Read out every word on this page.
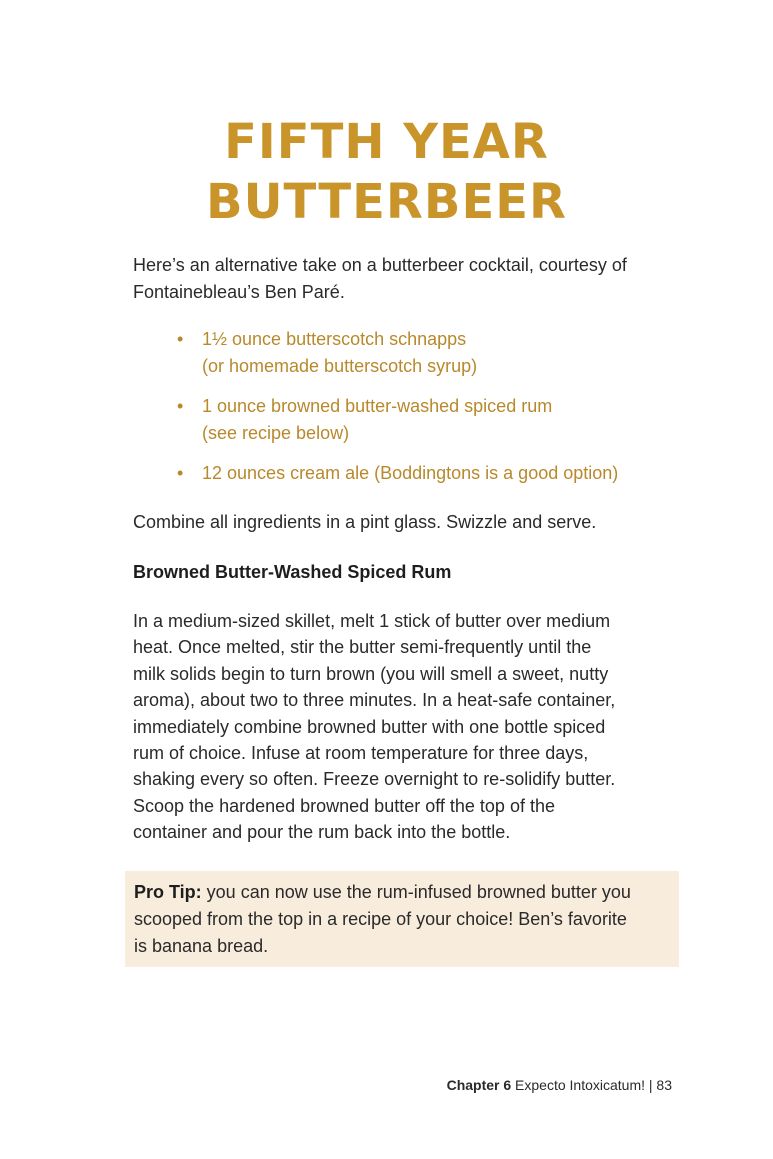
FIFTH YEAR
BUTTERBEER

Here’s an alternative take on a butterbeer cocktail, courtesy of Fontainebleau’s Ben Paré.

• 1½ ounce butterscotch schnapps
(or homemade butterscotch syrup)
• 1 ounce browned butter-washed spiced rum
(see recipe below)
• 12 ounces cream ale (Boddingtons is a good option)

Combine all ingredients in a pint glass. Swizzle and serve.

Browned Butter-Washed Spiced Rum

In a medium-sized skillet, melt 1 stick of butter over medium
heat. Once melted, stir the butter semi-frequently until the
milk solids begin to turn brown (you will smell a sweet, nutty
aroma), about two to three minutes. In a heat-safe container,
immediately combine browned butter with one bottle spiced
rum of choice. Infuse at room temperature for three days,
shaking every so often. Freeze overnight to re-solidify butter.
Scoop the hardened browned butter off the top of the
container and pour the rum back into the bottle.

Pro Tip: you can now use the rum-infused browned butter you
scooped from the top in a recipe of your choice! Ben’s favorite
is banana bread.

Chapter 6 Expecto Intoxicatum! | 83
